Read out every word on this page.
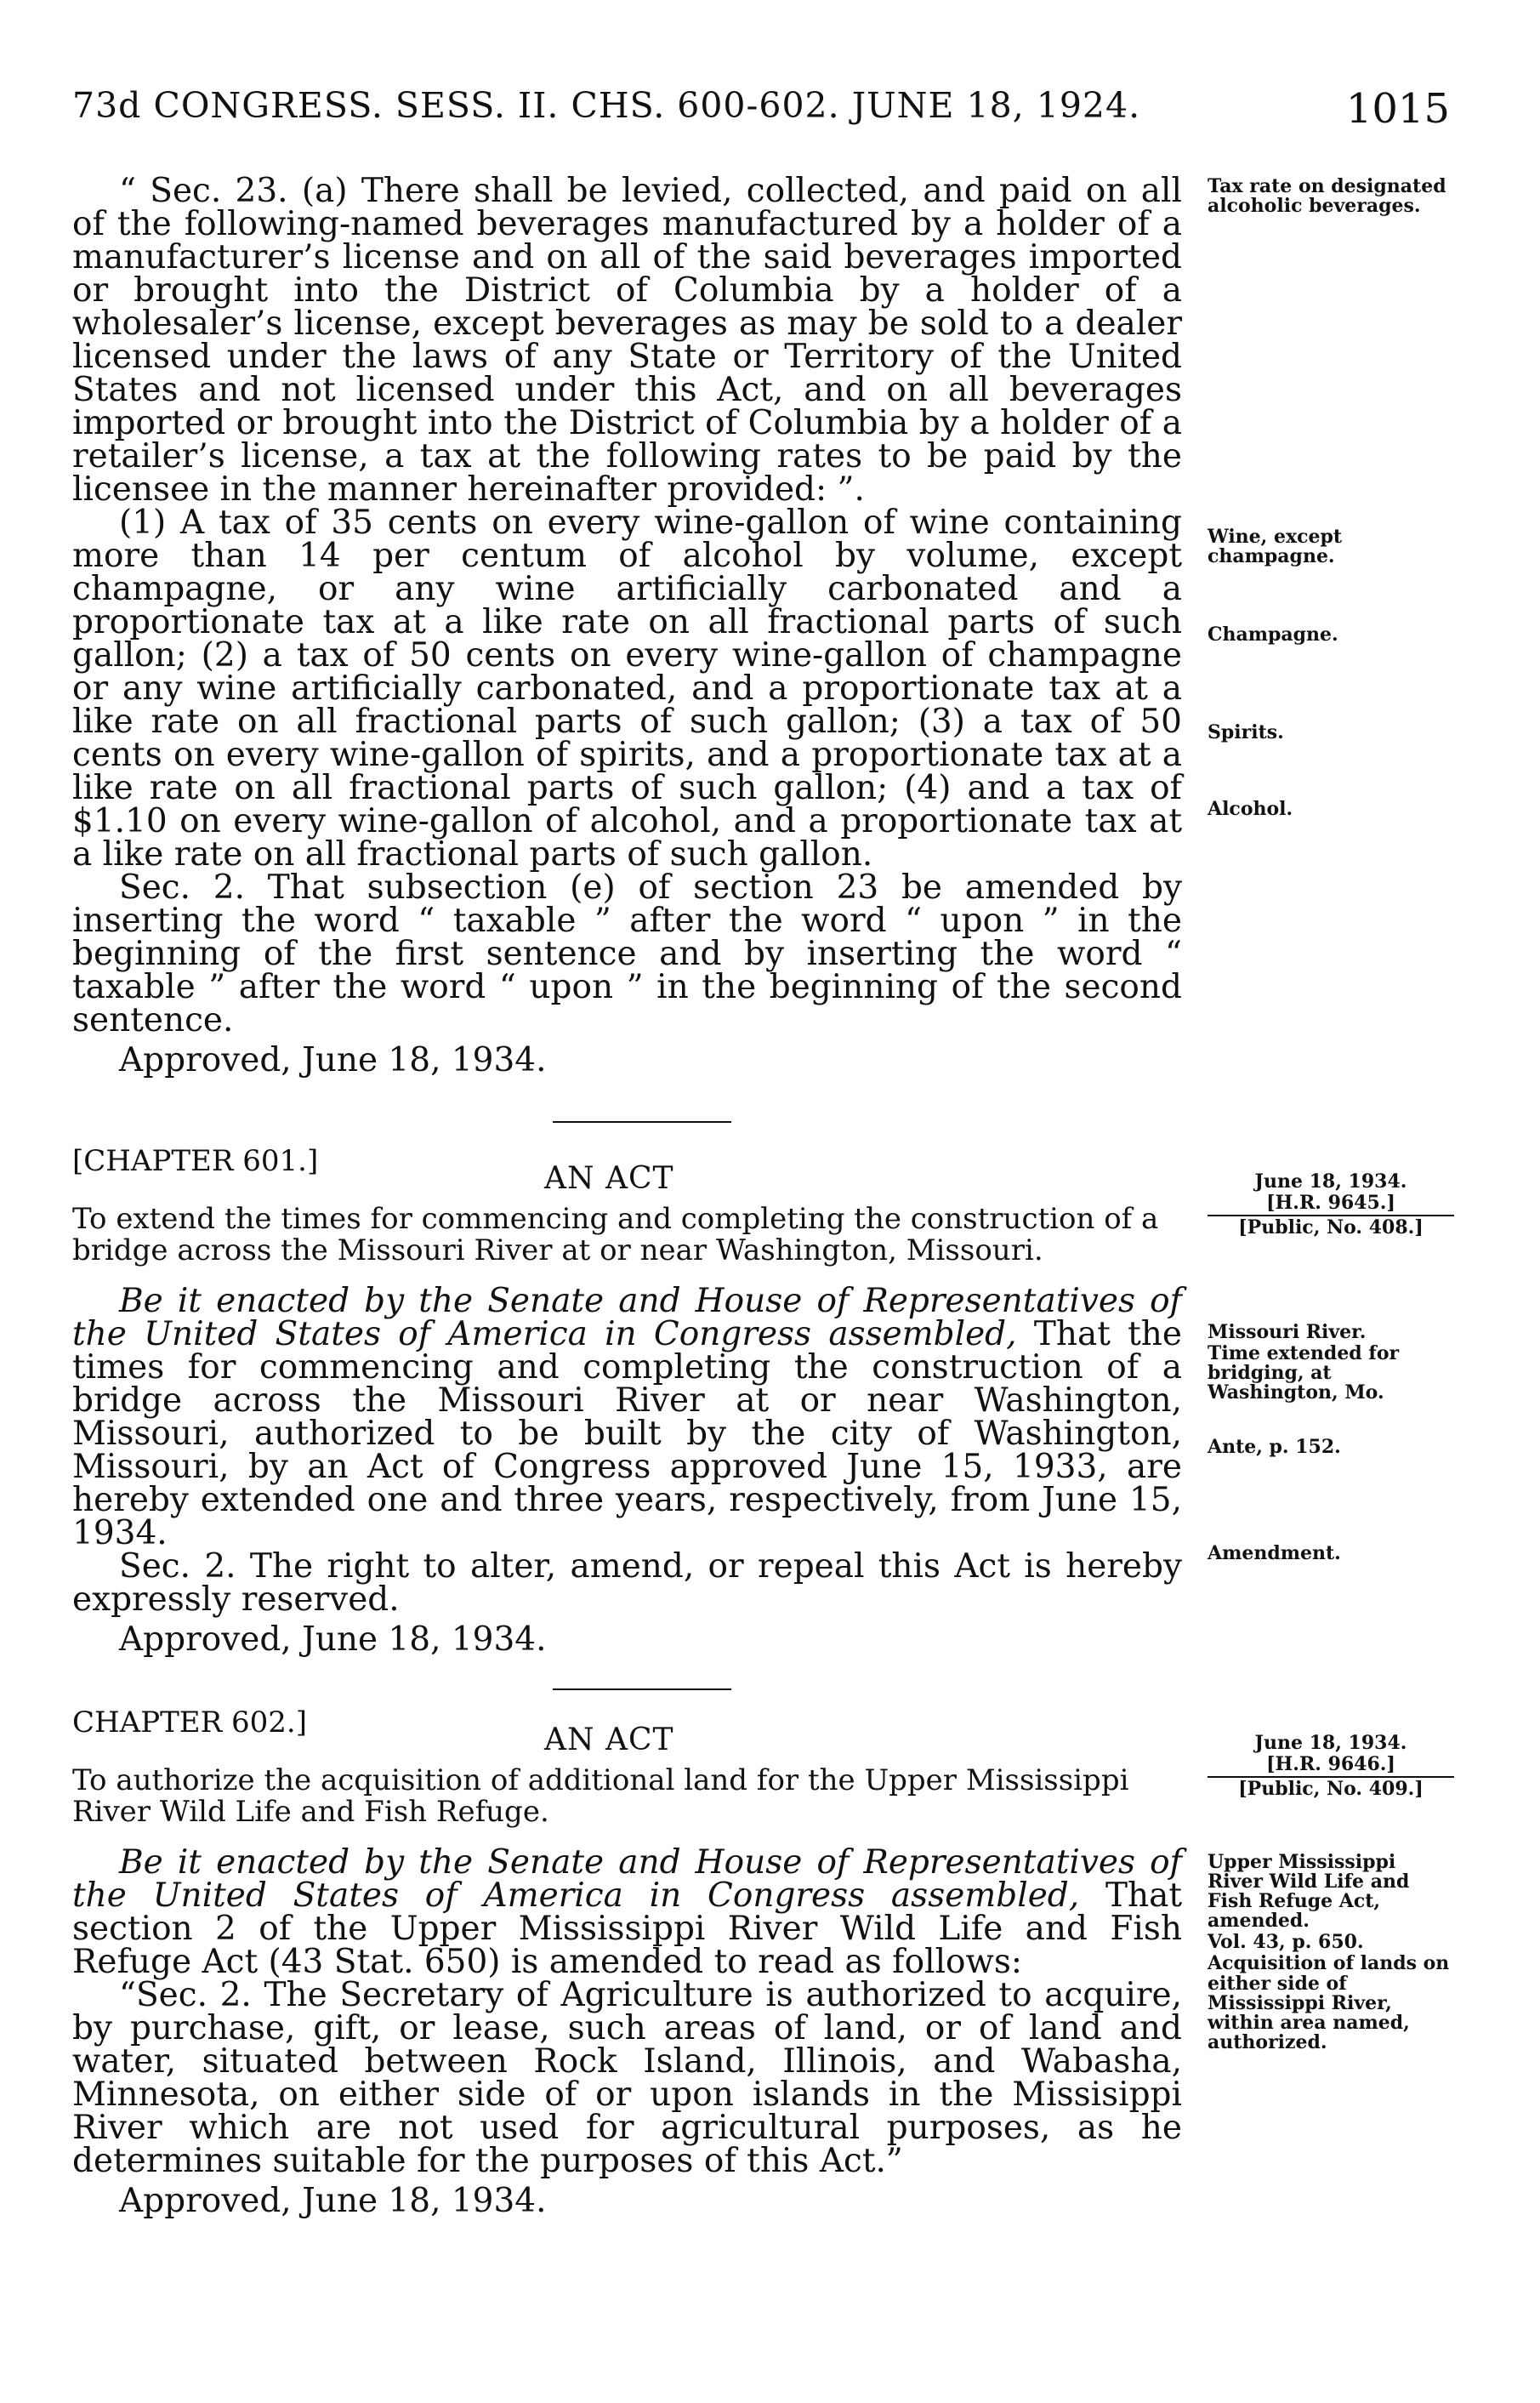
73d CONGRESS. SESS. II. CHS. 600-602. JUNE 18, 1924.	1015

“ Sec. 23. (a) There shall be levied, collected, and paid on all of the following-named beverages manufactured by a holder of a manufacturer’s license and on all of the said beverages imported or brought into the District of Columbia by a holder of a wholesaler’s license, except beverages as may be sold to a dealer licensed under the laws of any State or Territory of the United States and not licensed under this Act, and on all beverages imported or brought into the District of Columbia by a holder of a retailer’s license, a tax at the following rates to be paid by the licensee in the manner hereinafter provided: ”.

(1) A tax of 35 cents on every wine-gallon of wine containing more than 14 per centum of alcohol by volume, except champagne, or any wine artificially carbonated and a proportionate tax at a like rate on all fractional parts of such gallon; (2) a tax of 50 cents on every wine-gallon of champagne or any wine artificially carbonated, and a proportionate tax at a like rate on all fractional parts of such gallon; (3) a tax of 50 cents on every wine-gallon of spirits, and a proportionate tax at a like rate on all fractional parts of such gallon; (4) and a tax of $1.10 on every wine-gallon of alcohol, and a proportionate tax at a like rate on all fractional parts of such gallon.

Sec. 2. That subsection (e) of section 23 be amended by inserting the word “ taxable ” after the word “ upon ” in the beginning of the first sentence and by inserting the word “ taxable ” after the word “ upon ” in the beginning of the second sentence.

Approved, June 18, 1934.

Tax rate on designated alcoholic beverages.
Wine, except champagne.
Champagne.
Spirits.
Alcohol.
[CHAPTER 601.]	AN ACT	June 18, 1934.
[H.R. 9645.]
[Public, No. 408.]
To extend the times for commencing and completing the construction of a bridge across the Missouri River at or near Washington, Missouri.

Be it enacted by the Senate and House of Representatives of the United States of America in Congress assembled, That the times for commencing and completing the construction of a bridge across the Missouri River at or near Washington, Missouri, authorized to be built by the city of Washington, Missouri, by an Act of Congress approved June 15, 1933, are hereby extended one and three years, respectively, from June 15, 1934.

Sec. 2. The right to alter, amend, or repeal this Act is hereby expressly reserved.

Approved, June 18, 1934.

Missouri River.
Time extended for bridging, at Washington, Mo.
Ante, p. 152.
Amendment.
CHAPTER 602.]	AN ACT	June 18, 1934.
[H.R. 9646.]
[Public, No. 409.]
To authorize the acquisition of additional land for the Upper Mississippi River Wild Life and Fish Refuge.

Be it enacted by the Senate and House of Representatives of the United States of America in Congress assembled, That section 2 of the Upper Mississippi River Wild Life and Fish Refuge Act (43 Stat. 650) is amended to read as follows:

“Sec. 2. The Secretary of Agriculture is authorized to acquire, by purchase, gift, or lease, such areas of land, or of land and water, situated between Rock Island, Illinois, and Wabasha, Minnesota, on either side of or upon islands in the Missisippi River which are not used for agricultural purposes, as he determines suitable for the purposes of this Act.”

Approved, June 18, 1934.

Upper Mississippi River Wild Life and Fish Refuge Act, amended.
Vol. 43, p. 650.
Acquisition of lands on either side of Mississippi River, within area named, authorized.
